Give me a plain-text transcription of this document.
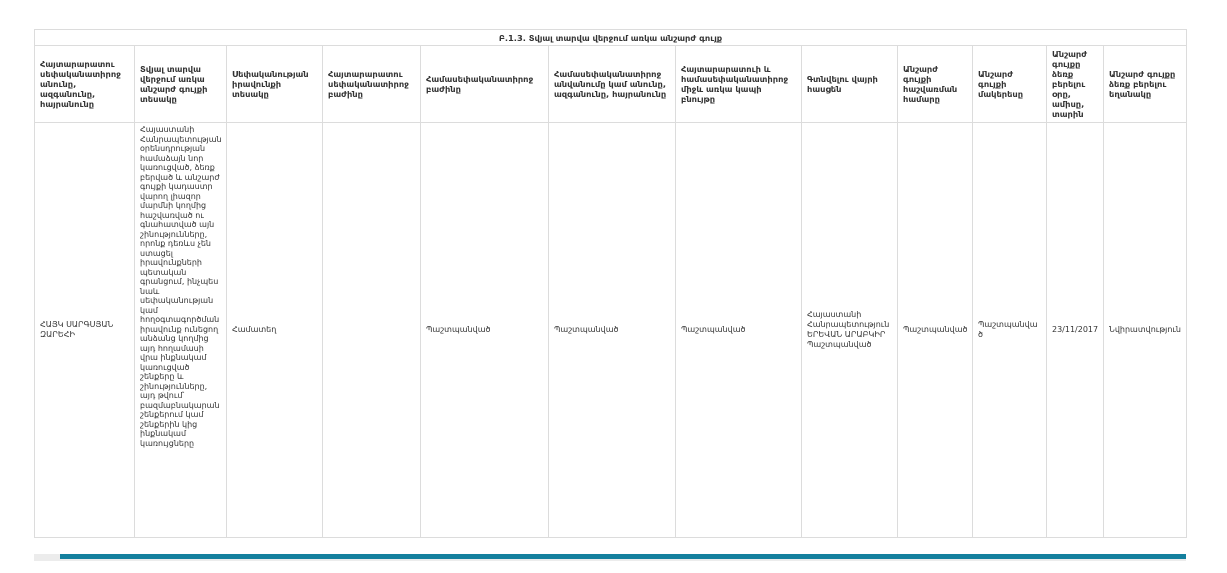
Բ.1.3. Տվյալ տարվա վերջում առկա անշարժ գույք
Հայտարարատու սեփականատիրոջ անունը, ազգանունը, հայրանունը	Տվյալ տարվա վերջում առկա անշարժ գույքի տեսակը	Սեփականության իրավունքի տեսակը	Հայտարարատու սեփականատիրոջ բաժինը	Համասեփականատիրոջ բաժինը	Համասեփականատիրոջ անվանումը կամ անունը, ազգանունը, հայրանունը	Հայտարարատուի և համասեփականատիրոջ միջև առկա կապի բնույթը	Գտնվելու վայրի հասցեն	Անշարժ գույքի հաշվառման համարը	Անշարժ գույքի մակերեսը	Անշարժ գույքը ձեռք բերելու օրը, ամիսը, տարին	Անշարժ գույքը ձեռք բերելու եղանակը
ՀԱՅԿ ՍԱՐԳՍՅԱՆ ԶԱՐԵՀԻ	Հայաստանի Հանրապետության օրենսդրության համաձայն նոր կառուցված, ձեռք բերված և անշարժ գույքի կադաստր վարող լիազոր մարմնի կողմից հաշվառված ու գնահատված այն շինությունները, որոնք դեռևս չեն ստացել իրավունքների պետական գրանցում, ինչպես նաև սեփականության կամ հողօգտագործման իրավունք ունեցող անձանց կողմից այդ հողամասի վրա ինքնակամ կառուցված շենքերը և շինությունները, այդ թվում՝ բազմաբնակարան շենքերում կամ շենքերին կից ինքնակամ կառույցները	Համատեղ		Պաշտպանված	Պաշտպանված	Պաշտպանված	Հայաստանի Հանրապետություն ԵՐԵՎԱՆ ԱՐԱԲԿԻՐ Պաշտպանված	Պաշտպանված	Պաշտպանված	23/11/2017	Նվիրատվություն
